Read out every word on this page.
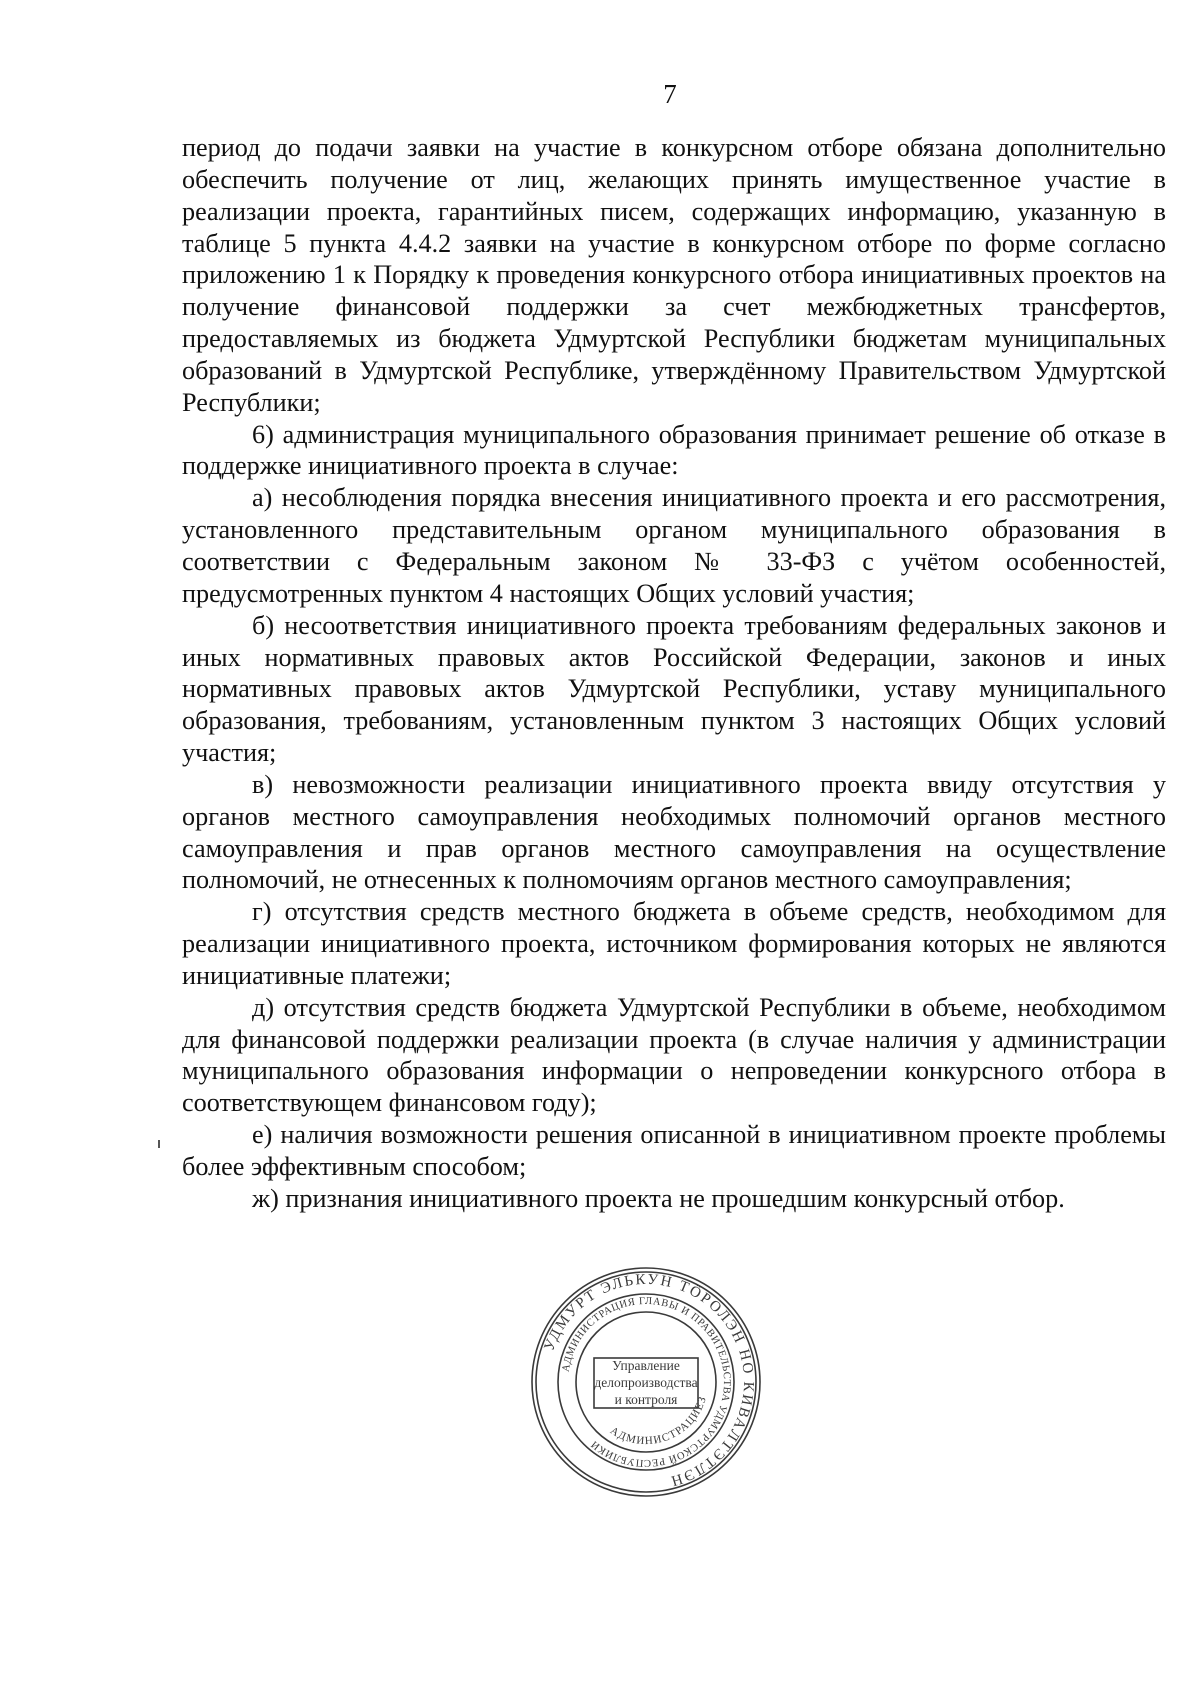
7

период до подачи заявки на участие в конкурсном отборе обязана дополнительно обеспечить получение от лиц, желающих принять имущественное участие в реализации проекта, гарантийных писем, содержащих информацию, указанную в таблице 5 пункта 4.4.2 заявки на участие в конкурсном отборе по форме согласно приложению 1 к Порядку к проведения конкурсного отбора инициативных проектов на получение финансовой поддержки за счет межбюджетных трансфертов, предоставляемых из бюджета Удмуртской Республики бюджетам муниципальных образований в Удмуртской Республике, утверждённому Правительством Удмуртской Республики;

6) администрация муниципального образования принимает решение об отказе в поддержке инициативного проекта в случае:

а) несоблюдения порядка внесения инициативного проекта и его рассмотрения, установленного представительным органом муниципального образования в соответствии с Федеральным законом № 33-ФЗ с учётом особенностей, предусмотренных пунктом 4 настоящих Общих условий участия;

б) несоответствия инициативного проекта требованиям федеральных законов и иных нормативных правовых актов Российской Федерации, законов и иных нормативных правовых актов Удмуртской Республики, уставу муниципального образования, требованиям, установленным пунктом 3 настоящих Общих условий участия;

в) невозможности реализации инициативного проекта ввиду отсутствия у органов местного самоуправления необходимых полномочий органов местного самоуправления и прав органов местного самоуправления на осуществление полномочий, не отнесенных к полномочиям органов местного самоуправления;

г) отсутствия средств местного бюджета в объеме средств, необходимом для реализации инициативного проекта, источником формирования которых не являются инициативные платежи;

д) отсутствия средств бюджета Удмуртской Республики в объеме, необходимом для финансовой поддержки реализации проекта (в случае наличия у администрации муниципального образования информации о непроведении конкурсного отбора в соответствующем финансовом году);

е) наличия возможности решения описанной в инициативном проекте проблемы более эффективным способом;

ж) признания инициативного проекта не прошедшим конкурсный отбор.

УДМУРТ ЭЛЬКУН ТӦРОЛЭН НО КИВАЛТЭТЛЭН
АДМИНИСТРАЦИЯ ГЛАВЫ И ПРАВИТЕЛЬСТВА УДМУРТСКОЙ РЕСПУБЛИКИ
АДМИНИСТРАЦИЕЗ
Управление
делопроизводства
и контроля
